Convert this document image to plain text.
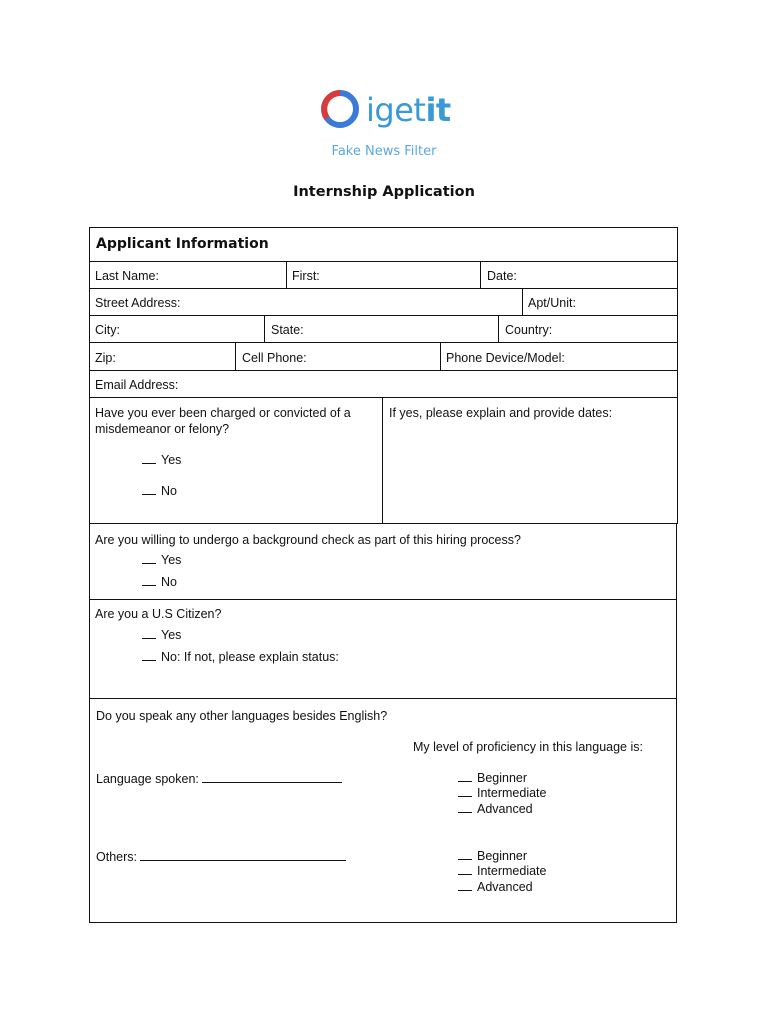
igetit
Fake News Filter
Internship Application
Applicant Information
Last Name:	First:	Date:
Street Address:	Apt/Unit:
City:	State:	Country:
Zip:	Cell Phone:	Phone Device/Model:
Email Address:
Have you ever been charged or convicted of a misdemeanor or felony?
Yes
No
If yes, please explain and provide dates:
Are you willing to undergo a background check as part of this hiring process?
Yes
No
Are you a U.S Citizen?
Yes
No: If not, please explain status:
Do you speak any other languages besides English?
My level of proficiency in this language is:
Language spoken:	Beginner
Intermediate
Advanced
Others:	Beginner
Intermediate
Advanced
